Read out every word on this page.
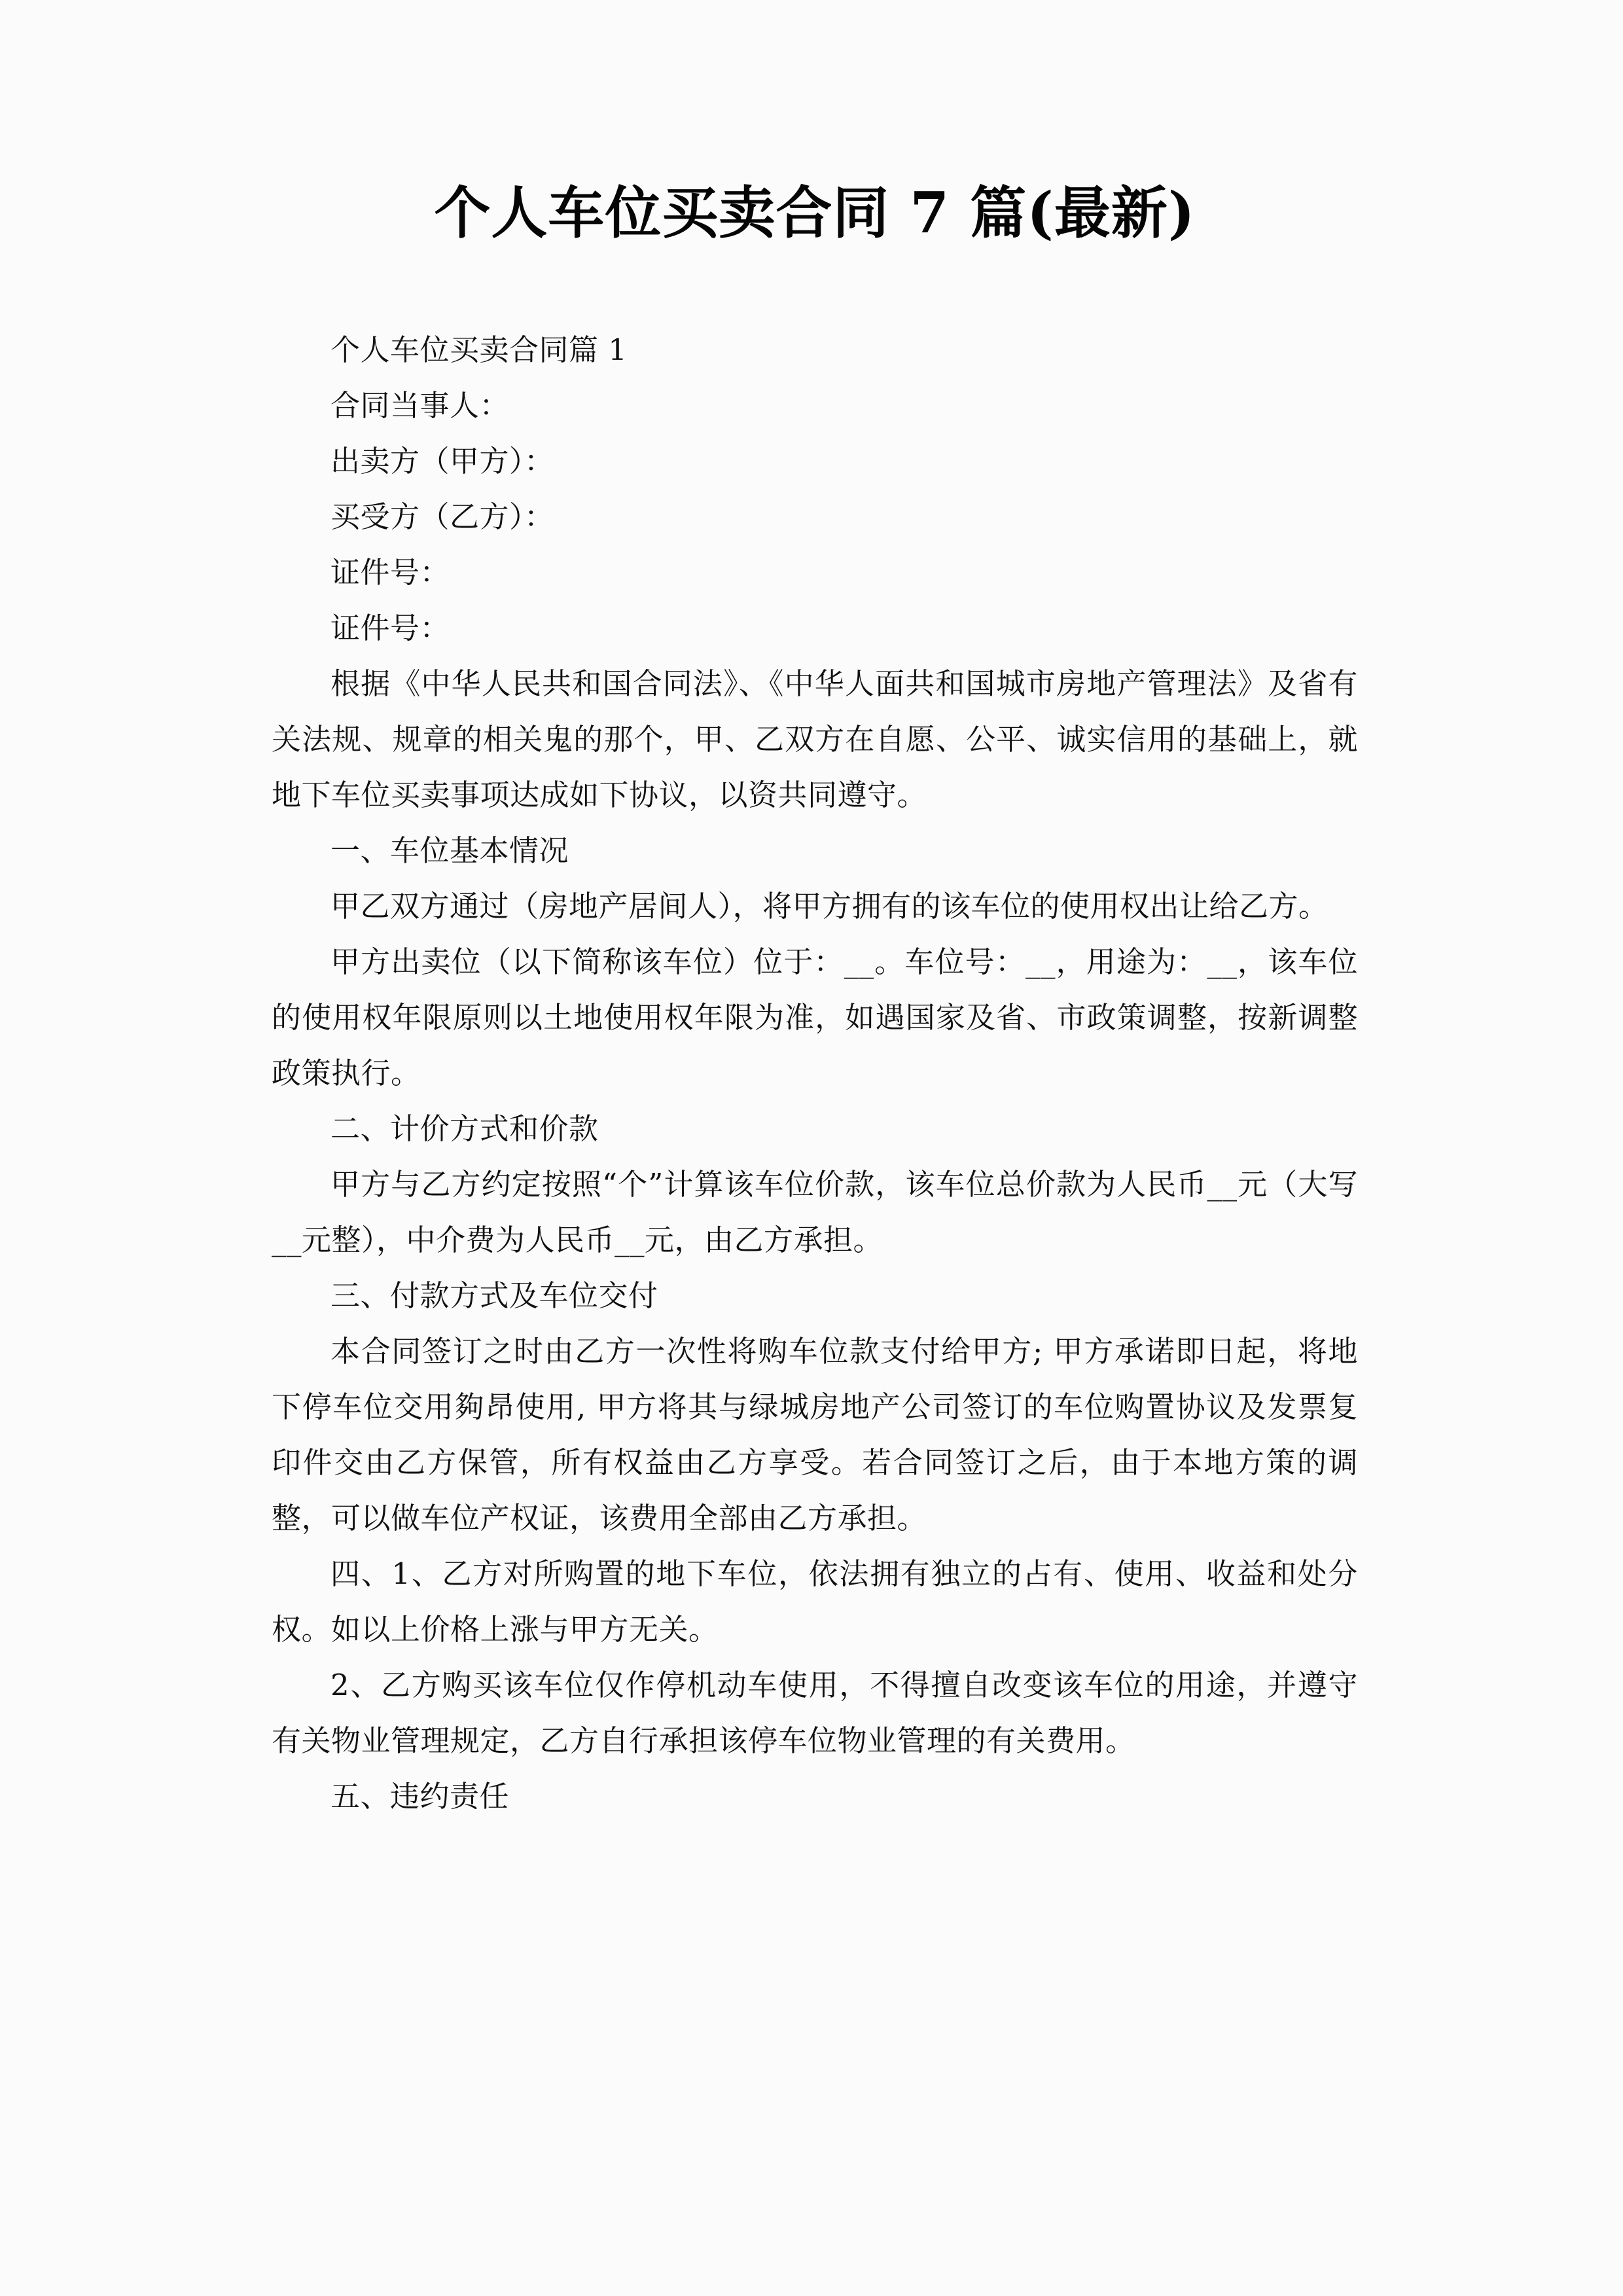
个人车位买卖合同 7 篇(最新)

个人车位买卖合同篇 1

合同当事人：

出卖方（甲方）：

买受方（乙方）：

证件号：

证件号：

根据《中华人民共和国合同法》、《中华人面共和国城市房地产管理法》及省有关法规、规章的相关鬼的那个，甲、乙双方在自愿、公平、诚实信用的基础上，就地下车位买卖事项达成如下协议，以资共同遵守。

一、车位基本情况

甲乙双方通过（房地产居间人），将甲方拥有的该车位的使用权出让给乙方。

甲方出卖位（以下简称该车位）位于：__。车位号：__，用途为：__，该车位的使用权年限原则以土地使用权年限为准，如遇国家及省、市政策调整，按新调整政策执行。

二、计价方式和价款

甲方与乙方约定按照“个”计算该车位价款，该车位总价款为人民币__元（大写__元整），中介费为人民币__元，由乙方承担。

三、付款方式及车位交付

本合同签订之时由乙方一次性将购车位款支付给甲方; 甲方承诺即日起，将地下停车位交用夠昂使用, 甲方将其与绿城房地产公司签订的车位购置协议及发票复印件交由乙方保管，所有权益由乙方享受。若合同签订之后，由于本地方策的调整，可以做车位产权证，该费用全部由乙方承担。

四、1、乙方对所购置的地下车位，依法拥有独立的占有、使用、收益和处分权。如以上价格上涨与甲方无关。

2、乙方购买该车位仅作停机动车使用，不得擅自改变该车位的用途，并遵守有关物业管理规定，乙方自行承担该停车位物业管理的有关费用。

五、违约责任
